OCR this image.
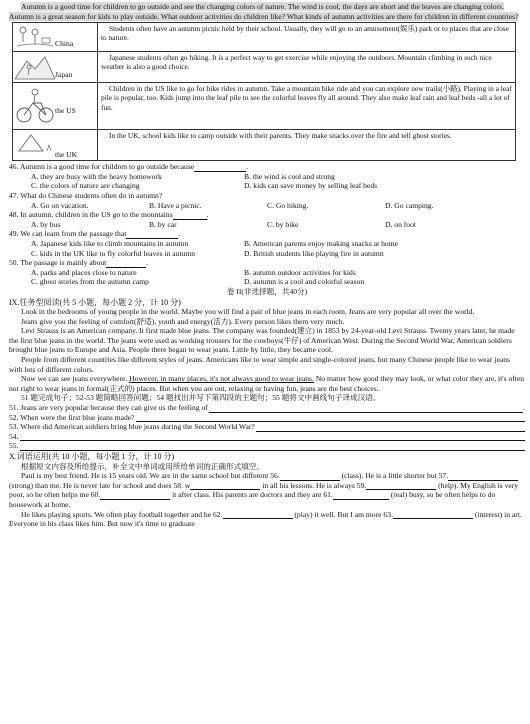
Autumn is a good time for children to go outside and see the changing colors of nature. The wind is cool, the days are short and the leaves are changing colors. Autumn is a great season for kids to play outside. What outdoor activities do children like? What kinds of autumn activities are there for children in different countries?

China	Students often have an autumn picnic held by their school. Usually, they will go to an amusement(娱乐) park or to places that are close to nature.

Japan	Japanese students often go hiking. It is a perfect way to get exercise while enjoying the outdoors. Mountain climbing in such nice weather is also a good choice.

the US	Children in the US like to go for bike rides in autumn. Take a mountain bike ride and you can explore new trails(小路). Playing in a leaf pile is popular, too. Kids jump into the leaf pile to see the colorful leaves fly all around. They also make leaf rain and leaf beds -all a lot of fun.

the UK	In the UK, school kids like to camp outside with their parents. They make snacks over the fire and tell ghost stories.

46. Autumn is a good time for children to go outside because	.

A. they are busy with the heavy homework	B. the wind is cool and strong
C. the colors of nature are changing	D. kids can save money by selling leaf beds

47. What do Chinese students often do in autumn?

A. Go on vacation.	B. Have a picnic.	C. Go hiking.	D. Go camping.

48. In autumn, children in the US go to the mountains	.

A. by bus	B. by car	C. by bike	D. on foot

49. We can learn from the passage that	.

A. Japanese kids like to climb mountains in autumn	B. American parents enjoy making snacks at home
C. kids in the UK like to fly colorful leaves in autumn	D. British students like playing fire in autumn

50. The passage is mainly about	.

A. parks and places close to nature	B. autumn outdoor activities for kids
C. ghost stories from the autumn camp	D. autumn is a cool and colorful season

卷 II(非选择题，共40分)

IX.任务型阅读(共 5 小题，每小题 2 分，计 10 分)

Look in the bedrooms of young people in the world. Maybe you will find a pair of blue jeans in each room. Jeans are very popular all over the world.

Jeans give you the feeling of comfort(舒适), youth and energy(活力). Every person likes them very much.

Levi Strauss is an American company. It first made blue jeans. The company was founded(建立) in 1853 by 24-year-old Levi Strauss. Twenty years later, he made the first blue jeans in the world. The jeans were used as working trousers for the cowboys(牛仔) of American West. During the Second World War, American soldiers brought blue jeans to Europe and Asia. People there began to wear jeans. Little by little, they became cool.

People from different countries like different styles of jeans. Americans like to wear simple and single-colored jeans, but many Chinese people like to wear jeans with lots of different colors.

Now we can see jeans everywhere. However, in many places, it's not always good to wear jeans. No matter how good they may look, or what color they are, it's often not right to wear jeans in formal(正式的) places. But when you are out, relaxing or having fun, jeans are the best choices.

51 题完成句子；52-53 题简略回答问题；54 题找出并写下第四段的主题句；55 题将文中画线句子译成汉语。

51. Jeans are very popular because they can give us the feeling of	.
52. When were the first blue jeans made?
53. Where did American soldiers bring blue jeans during the Second World War?
54.
55.

X.词语运用(共 10 小题，每小题 1 分，计 10 分)

根据短文内容及所给提示，补全文中单词或用所给单词的正确形式填空。

Paul is my best friend. He is 15 years old. We are in the same school but different 56.	(class). He is a little shorter but 57. (strong) than me. He is never late for school and does 58. w	in all his lessons. He is always 59.	(help). My English is very poor, so he often helps me 60.	it after class. His parents are doctors and they are 61.	(real) busy, so he often helps to do housework at home.

He likes playing sports. We often play football together and he 62.	(play) it well. But I am more 63.	(interest) in art. Everyone in his class likes him. But now it's time to graduate
